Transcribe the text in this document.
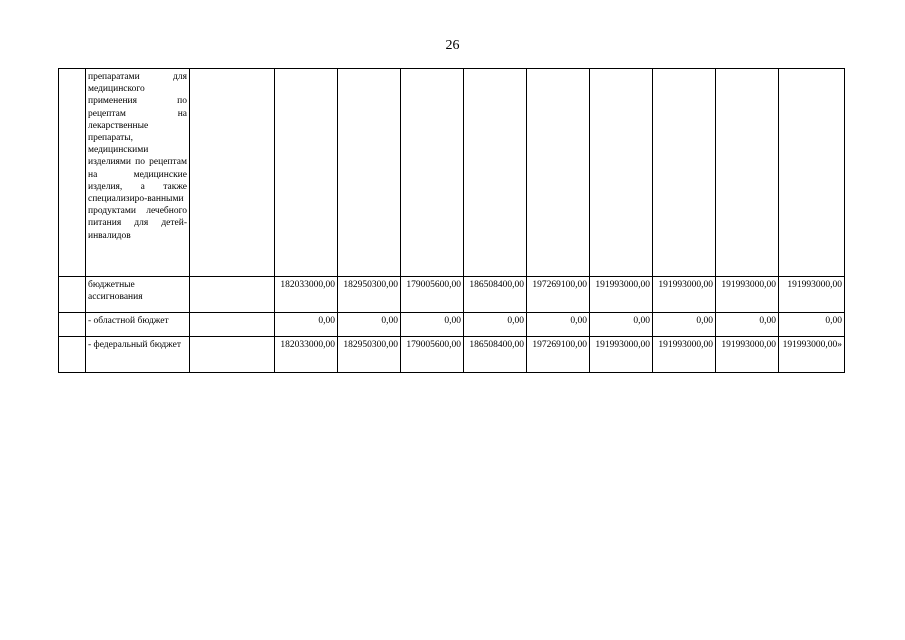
26
	препаратами для медицинского применения по рецептам на лекарственные препараты, медицинскими изделиями по рецептам на медицинские изделия, а также специализиро-ванными продуктами лечебного питания для детей-инвалидов										
	бюджетные ассигнования		182033000,00	182950300,00	179005600,00	186508400,00	197269100,00	191993000,00	191993000,00	191993000,00	191993000,00
	- областной бюджет		0,00	0,00	0,00	0,00	0,00	0,00	0,00	0,00	0,00
	- федеральный бюджет		182033000,00	182950300,00	179005600,00	186508400,00	197269100,00	191993000,00	191993000,00	191993000,00	191993000,00»
